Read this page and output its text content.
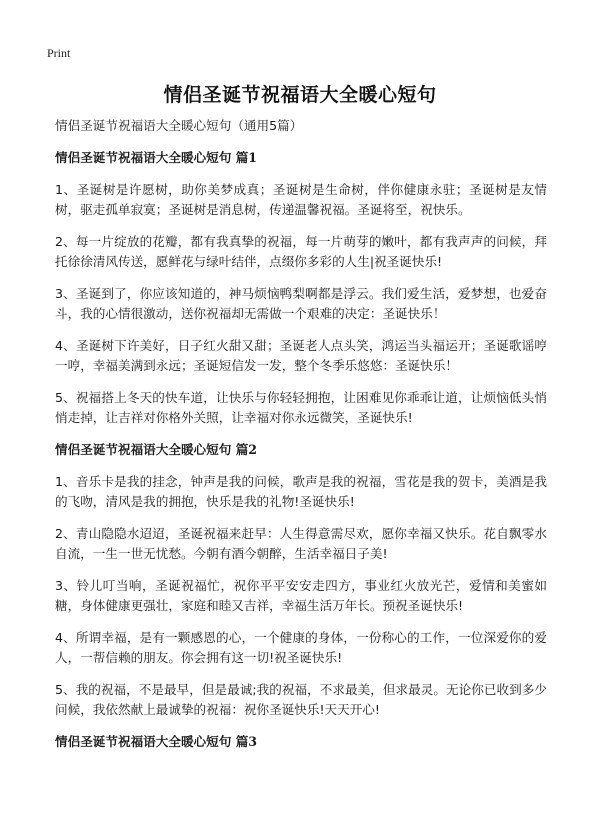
Print
情侣圣诞节祝福语大全暖心短句

情侣圣诞节祝福语大全暖心短句（通用5篇）

情侣圣诞节祝福语大全暖心短句 篇1

1、圣诞树是许愿树，助你美梦成真；圣诞树是生命树，伴你健康永驻；圣诞树是友情树，驱走孤单寂寞；圣诞树是消息树，传递温馨祝福。圣诞将至，祝快乐。

2、每一片绽放的花瓣，都有我真挚的祝福，每一片萌芽的嫩叶，都有我声声的问候，拜托徐徐清风传送，愿鲜花与绿叶结伴，点缀你多彩的人生|祝圣诞快乐!

3、圣诞到了，你应该知道的，神马烦恼鸭梨啊都是浮云。我们爱生活，爱梦想，也爱奋斗，我的心情很激动，送你祝福却无需做一个艰难的决定：圣诞快乐！

4、圣诞树下许美好，日子红火甜又甜；圣诞老人点头笑，鸿运当头福运开；圣诞歌谣哼一哼，幸福美满到永远；圣诞短信发一发，整个冬季乐悠悠：圣诞快乐！

5、祝福搭上冬天的快车道，让快乐与你轻轻拥抱，让困难见你乖乖让道，让烦恼低头悄悄走掉，让吉祥对你格外关照，让幸福对你永远微笑，圣诞快乐!

情侣圣诞节祝福语大全暖心短句 篇2

1、音乐卡是我的挂念，钟声是我的问候，歌声是我的祝福，雪花是我的贺卡，美酒是我的飞吻，清风是我的拥抱，快乐是我的礼物!圣诞快乐!

2、青山隐隐水迢迢，圣诞祝福来赶早：人生得意需尽欢，愿你幸福又快乐。花自飘零水自流，一生一世无忧愁。今朝有酒今朝醉，生活幸福日子美!

3、铃儿叮当响，圣诞祝福忙，祝你平平安安走四方，事业红火放光芒，爱情和美蜜如糖，身体健康更强壮，家庭和睦又吉祥，幸福生活万年长。预祝圣诞快乐!

4、所谓幸福，是有一颗感恩的心，一个健康的身体，一份称心的工作，一位深爱你的爱人，一帮信赖的朋友。你会拥有这一切!祝圣诞快乐!

5、我的祝福，不是最早，但是最诚;我的祝福，不求最美，但求最灵。无论你已收到多少问候，我依然献上最诚挚的祝福：祝你圣诞快乐!天天开心!

情侣圣诞节祝福语大全暖心短句 篇3
